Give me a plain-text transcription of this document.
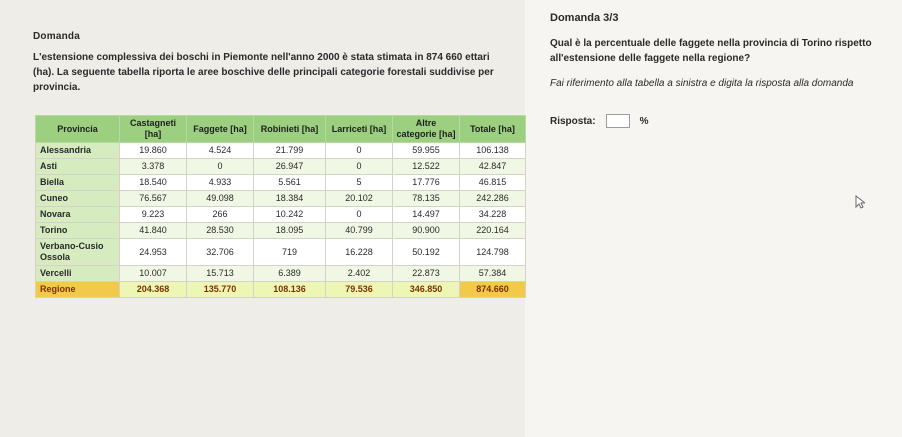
Domanda
L'estensione complessiva dei boschi in Piemonte nell'anno 2000 è stata stimata in 874 660 ettari (ha). La seguente tabella riporta le aree boschive delle principali categorie forestali suddivise per provincia.
Provincia	Castagneti [ha]	Faggete [ha]	Robinieti [ha]	Larriceti [ha]	Altre categorie [ha]	Totale [ha]
Alessandria	19.860	4.524	21.799	0	59.955	106.138
Asti	3.378	0	26.947	0	12.522	42.847
Biella	18.540	4.933	5.561	5	17.776	46.815
Cuneo	76.567	49.098	18.384	20.102	78.135	242.286
Novara	9.223	266	10.242	0	14.497	34.228
Torino	41.840	28.530	18.095	40.799	90.900	220.164
Verbano-Cusio Ossola	24.953	32.706	719	16.228	50.192	124.798
Vercelli	10.007	15.713	6.389	2.402	22.873	57.384
Regione	204.368	135.770	108.136	79.536	346.850	874.660
Domanda 3/3
Qual è la percentuale delle faggete nella provincia di Torino rispetto all'estensione delle faggete nella regione?
Fai riferimento alla tabella a sinistra e digita la risposta alla domanda
Risposta:	%
